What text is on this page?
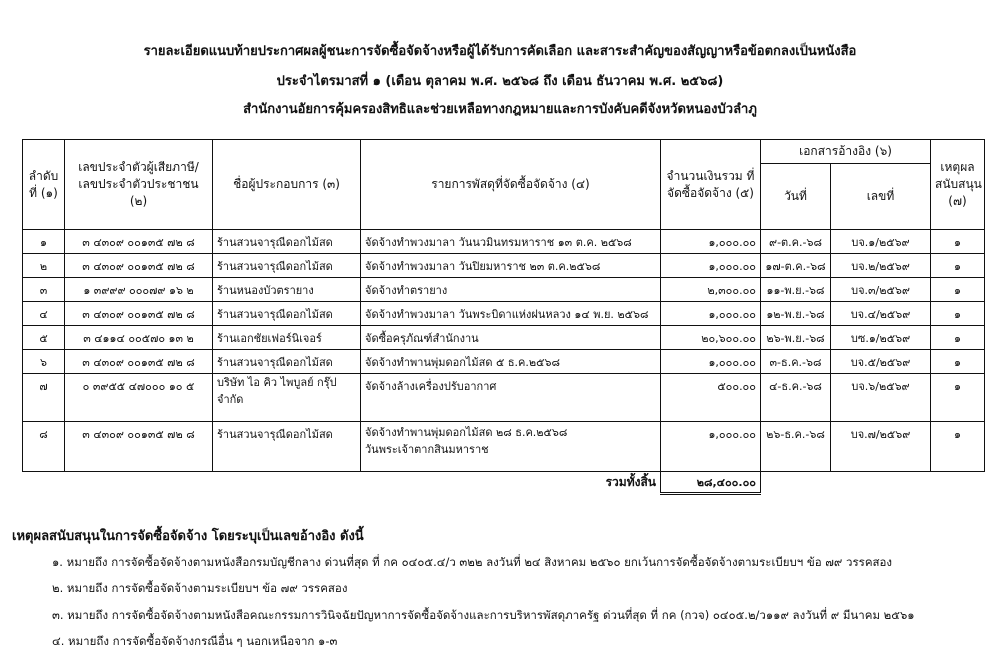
รายละเอียดแนบท้ายประกาศผลผู้ชนะการจัดซื้อจัดจ้างหรือผู้ได้รับการคัดเลือก และสาระสำคัญของสัญญาหรือข้อตกลงเป็นหนังสือ
ประจำไตรมาสที่ ๑ (เดือน ตุลาคม พ.ศ. ๒๕๖๘ ถึง เดือน ธันวาคม พ.ศ. ๒๕๖๘)
สำนักงานอัยการคุ้มครองสิทธิและช่วยเหลือทางกฎหมายและการบังคับคดีจังหวัดหนองบัวลำภู
ลำดับ ที่ (๑)	เลขประจำตัวผู้เสียภาษี/ เลขประจำตัวประชาชน (๒)	ชื่อผู้ประกอบการ (๓)	รายการพัสดุที่จัดซื้อจัดจ้าง (๔)	จำนวนเงินรวม ที่จัดซื้อจัดจ้าง (๕)	เอกสารอ้างอิง (๖)		เหตุผล สนับสนุน (๗)
					วันที่	เลขที่	
๑	๓ ๔๓๐๙ ๐๐๑๓๕ ๗๒ ๘	ร้านสวนจารุณีดอกไม้สด	จัดจ้างทำพวงมาลา วันนวมินทรมหาราช ๑๓ ต.ค. ๒๕๖๘	๑,๐๐๐.๐๐	๙-ต.ค.-๖๘	บจ.๑/๒๕๖๙	๑
๒	๓ ๔๓๐๙ ๐๐๑๓๕ ๗๒ ๘	ร้านสวนจารุณีดอกไม้สด	จัดจ้างทำพวงมาลา วันปิยมหาราช ๒๓ ต.ค.๒๕๖๘	๑,๐๐๐.๐๐	๑๗-ต.ค.-๖๘	บจ.๒/๒๕๖๙	๑
๓	๑ ๓๙๙๙ ๐๐๐๗๙ ๑๖ ๒	ร้านหนองบัวตรายาง	จัดจ้างทำตรายาง	๒,๓๐๐.๐๐	๑๑-พ.ย.-๖๘	บจ.๓/๒๕๖๙	๑
๔	๓ ๔๓๐๙ ๐๐๑๓๕ ๗๒ ๘	ร้านสวนจารุณีดอกไม้สด	จัดจ้างทำพวงมาลา วันพระบิดาแห่งฝนหลวง ๑๔ พ.ย. ๒๕๖๘	๑,๐๐๐.๐๐	๑๒-พ.ย.-๖๘	บจ.๔/๒๕๖๙	๑
๕	๓ ๔๑๑๔ ๐๐๕๗๐ ๑๓ ๒	ร้านเอกชัยเฟอร์นิเจอร์	จัดซื้อครุภัณฑ์สำนักงาน	๒๐,๖๐๐.๐๐	๒๖-พ.ย.-๖๘	บซ.๑/๒๕๖๙	๑
๖	๓ ๔๓๐๙ ๐๐๑๓๕ ๗๒ ๘	ร้านสวนจารุณีดอกไม้สด	จัดจ้างทำพานพุ่มดอกไม้สด ๕ ธ.ค.๒๕๖๘	๑,๐๐๐.๐๐	๓-ธ.ค.-๖๘	บจ.๕/๒๕๖๙	๑
๗	๐ ๓๙๕๕ ๔๗๐๐๐ ๑๐ ๕	บริษัท ไอ คิว ไพบูลย์ กรุ๊ป จำกัด	จัดจ้างล้างเครื่องปรับอากาศ	๕๐๐.๐๐	๔-ธ.ค.-๖๘	บจ.๖/๒๕๖๙	๑
๘	๓ ๔๓๐๙ ๐๐๑๓๕ ๗๒ ๘	ร้านสวนจารุณีดอกไม้สด	จัดจ้างทำพานพุ่มดอกไม้สด ๒๘ ธ.ค.๒๕๖๘ วันพระเจ้าตากสินมหาราช	๑,๐๐๐.๐๐	๒๖-ธ.ค.-๖๘	บจ.๗/๒๕๖๙	๑
			รวมทั้งสิ้น	๒๘,๔๐๐.๐๐			
เหตุผลสนับสนุนในการจัดซื้อจัดจ้าง โดยระบุเป็นเลขอ้างอิง ดังนี้
๑. หมายถึง การจัดซื้อจัดจ้างตามหนังสือกรมบัญชีกลาง ด่วนที่สุด ที่ กค ๐๔๐๕.๔/ว ๓๒๒ ลงวันที่ ๒๔ สิงหาคม ๒๕๖๐ ยกเว้นการจัดซื้อจัดจ้างตามระเบียบฯ ข้อ ๗๙ วรรคสอง
๒. หมายถึง การจัดซื้อจัดจ้างตามระเบียบฯ ข้อ ๗๙ วรรคสอง
๓. หมายถึง การจัดซื้อจัดจ้างตามหนังสือคณะกรรมการวินิจฉัยปัญหาการจัดซื้อจัดจ้างและการบริหารพัสดุภาครัฐ ด่วนที่สุด ที่ กค (กวจ) ๐๔๐๕.๒/ว๑๑๙ ลงวันที่ ๙ มีนาคม ๒๕๖๑
๔. หมายถึง การจัดซื้อจัดจ้างกรณีอื่น ๆ นอกเหนือจาก ๑-๓
